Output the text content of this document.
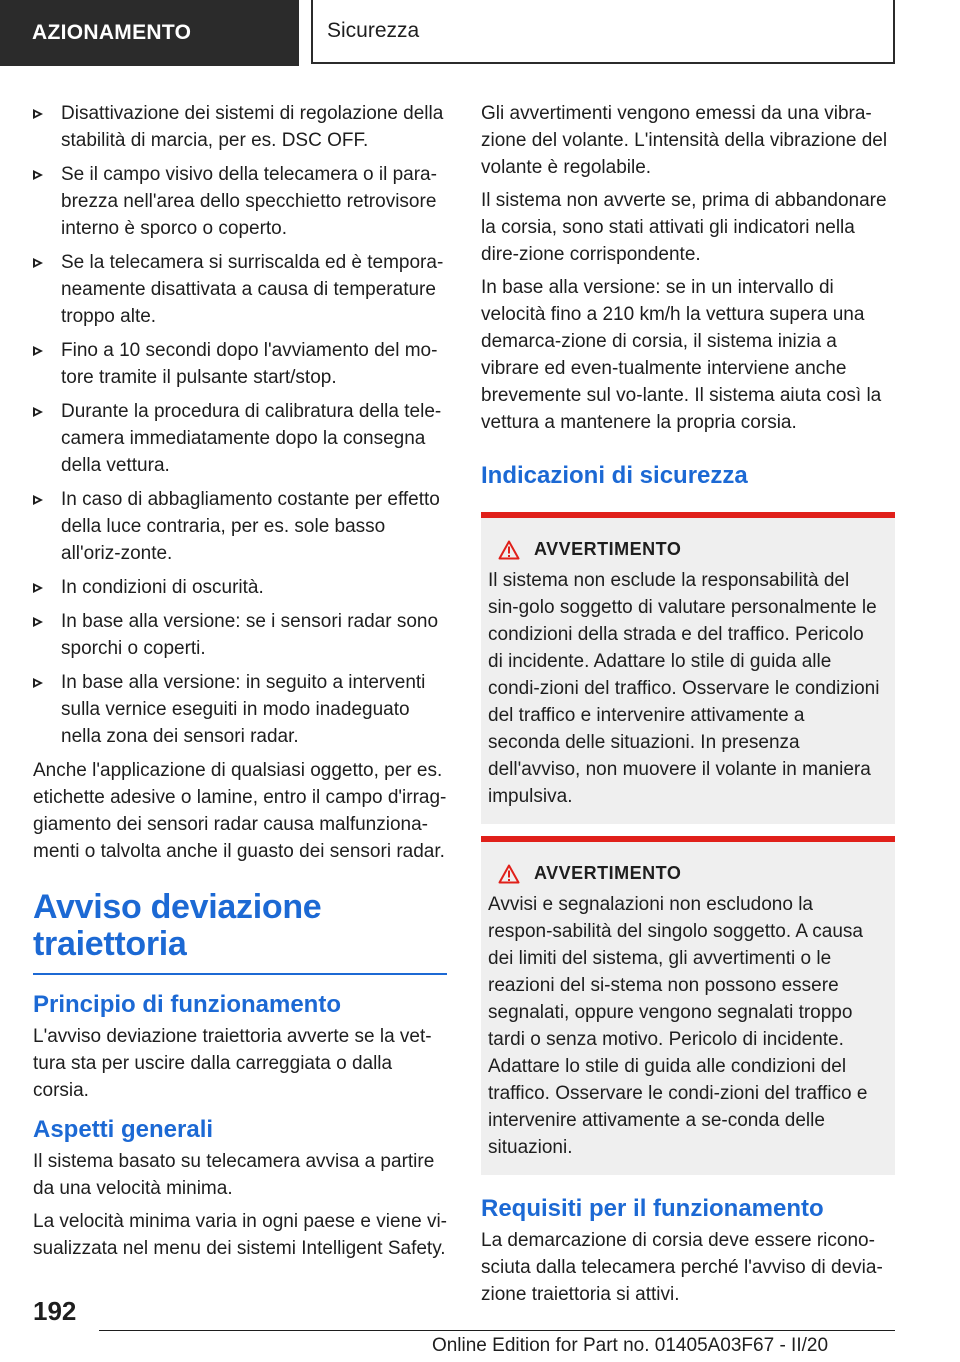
AZIONAMENTO	Sicurezza
Disattivazione dei sistemi di regolazione della stabilità di marcia, per es. DSC OFF.
Se il campo visivo della telecamera o il para-brezza nell'area dello specchietto retrovisore interno è sporco o coperto.
Se la telecamera si surriscalda ed è tempora-neamente disattivata a causa di temperature troppo alte.
Fino a 10 secondi dopo l'avviamento del mo-tore tramite il pulsante start/stop.
Durante la procedura di calibratura della tele-camera immediatamente dopo la consegna della vettura.
In caso di abbagliamento costante per effetto della luce contraria, per es. sole basso all'oriz-zonte.
In condizioni di oscurità.
In base alla versione: se i sensori radar sono sporchi o coperti.
In base alla versione: in seguito a interventi sulla vernice eseguiti in modo inadeguato nella zona dei sensori radar.

Anche l'applicazione di qualsiasi oggetto, per es. etichette adesive o lamine, entro il campo d'irrag-giamento dei sensori radar causa malfunziona-menti o talvolta anche il guasto dei sensori radar.

Avviso deviazione traiettoria
Principio di funzionamento

L'avviso deviazione traiettoria avverte se la vet-tura sta per uscire dalla carreggiata o dalla corsia.

Aspetti generali

Il sistema basato su telecamera avvisa a partire da una velocità minima.

La velocità minima varia in ogni paese e viene vi-sualizzata nel menu dei sistemi Intelligent Safety.

Gli avvertimenti vengono emessi da una vibra-zione del volante. L'intensità della vibrazione del volante è regolabile.

Il sistema non avverte se, prima di abbandonare la corsia, sono stati attivati gli indicatori nella dire-zione corrispondente.

In base alla versione: se in un intervallo di velocità fino a 210 km/h la vettura supera una demarca-zione di corsia, il sistema inizia a vibrare ed even-tualmente interviene anche brevemente sul vo-lante. Il sistema aiuta così la vettura a mantenere la propria corsia.

Indicazioni di sicurezza
AVVERTIMENTO

Il sistema non esclude la responsabilità del sin-golo soggetto di valutare personalmente le condizioni della strada e del traffico. Pericolo di incidente. Adattare lo stile di guida alle condi-zioni del traffico. Osservare le condizioni del traffico e intervenire attivamente a seconda delle situazioni. In presenza dell'avviso, non muovere il volante in maniera impulsiva.

AVVERTIMENTO

Avvisi e segnalazioni non escludono la respon-sabilità del singolo soggetto. A causa dei limiti del sistema, gli avvertimenti o le reazioni del si-stema non possono essere segnalati, oppure vengono segnalati troppo tardi o senza motivo. Pericolo di incidente. Adattare lo stile di guida alle condizioni del traffico. Osservare le condi-zioni del traffico e intervenire attivamente a se-conda delle situazioni.

Requisiti per il funzionamento

La demarcazione di corsia deve essere ricono-sciuta dalla telecamera perché l'avviso di devia-zione traiettoria si attivi.

192
Online Edition for Part no. 01405A03F67 - II/20
